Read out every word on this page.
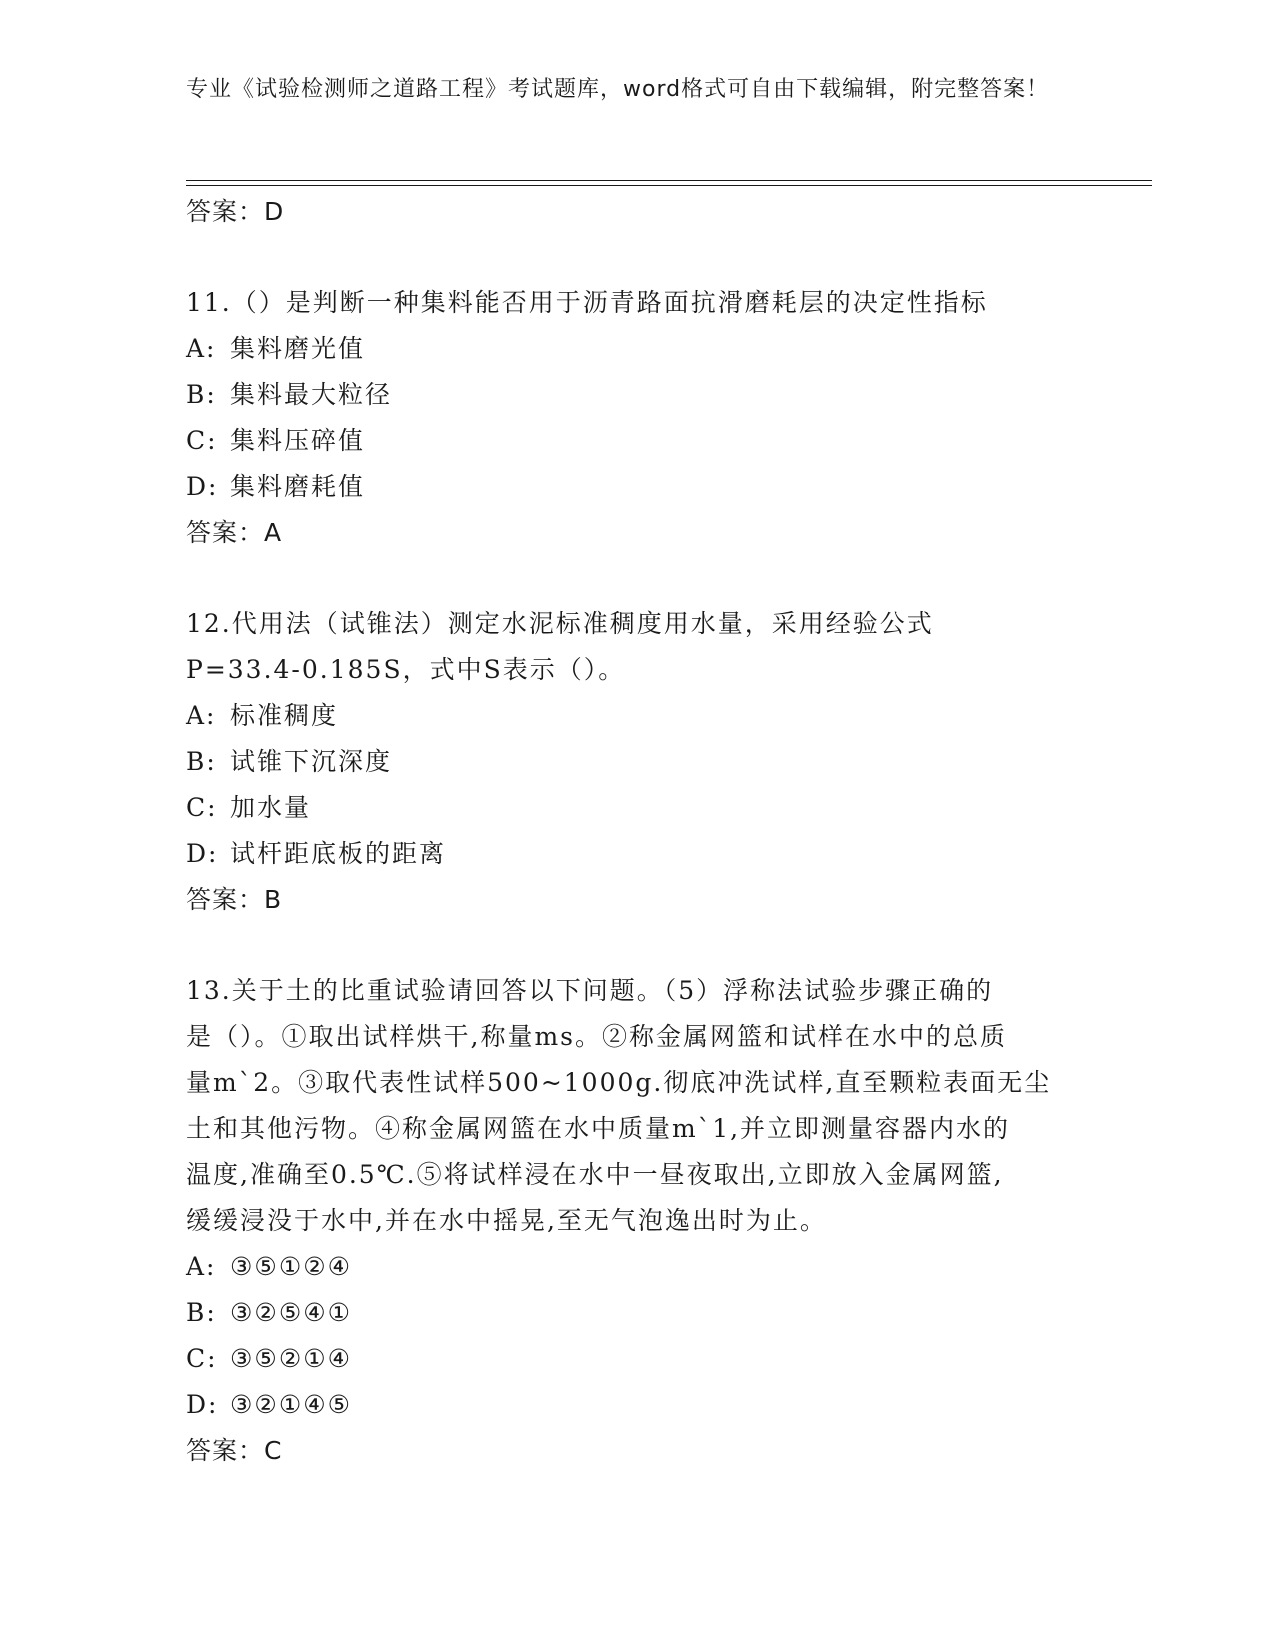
专业《试验检测师之道路工程》考试题库，word格式可自由下载编辑，附完整答案！
答案：D
11.（）是判断一种集料能否用于沥青路面抗滑磨耗层的决定性指标
A: 集料磨光值
B: 集料最大粒径
C: 集料压碎值
D: 集料磨耗值
答案：A
12.代用法（试锥法）测定水泥标准稠度用水量，采用经验公式
P=33.4-0.185S，式中S表示（）。
A: 标准稠度
B: 试锥下沉深度
C: 加水量
D: 试杆距底板的距离
答案：B
13.关于土的比重试验请回答以下问题。（5）浮称法试验步骤正确的
是（）。①取出试样烘干,称量ms。②称金属网篮和试样在水中的总质
量m`2。③取代表性试样500~1000g.彻底冲洗试样,直至颗粒表面无尘
土和其他污物。④称金属网篮在水中质量m`1,并立即测量容器内水的
温度,准确至0.5℃.⑤将试样浸在水中一昼夜取出,立即放入金属网篮,
缓缓浸没于水中,并在水中摇晃,至无气泡逸出时为止。
A: ③⑤①②④
B: ③②⑤④①
C: ③⑤②①④
D: ③②①④⑤
答案：C
